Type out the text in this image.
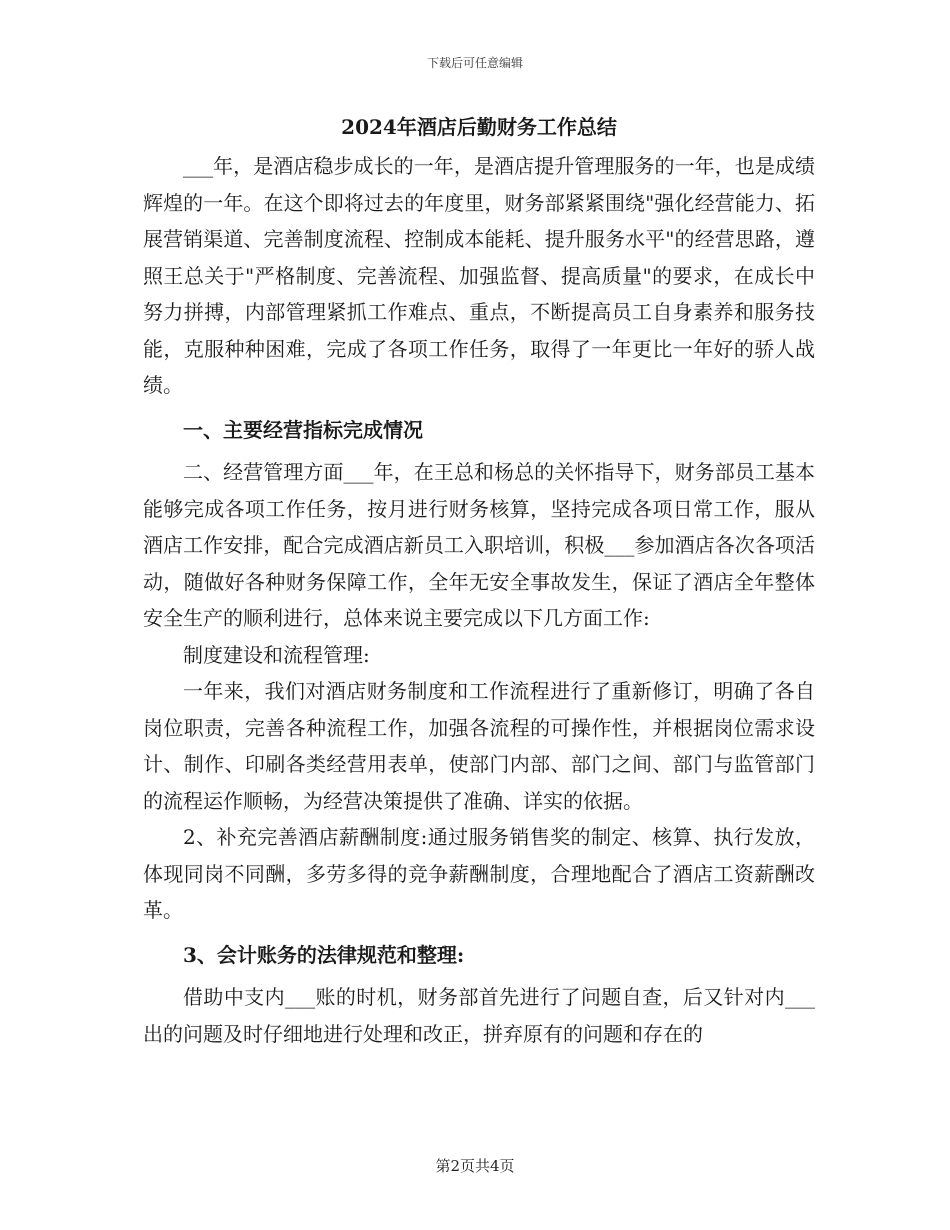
下载后可任意编辑
2024年酒店后勤财务工作总结

___年，是酒店稳步成长的一年，是酒店提升管理服务的一年，也是成绩辉煌的一年。在这个即将过去的年度里，财务部紧紧围绕"强化经营能力、拓展营销渠道、完善制度流程、控制成本能耗、提升服务水平"的经营思路，遵照王总关于"严格制度、完善流程、加强监督、提高质量"的要求，在成长中努力拼搏，内部管理紧抓工作难点、重点，不断提高员工自身素养和服务技能，克服种种困难，完成了各项工作任务，取得了一年更比一年好的骄人战绩。

一、主要经营指标完成情况

二、经营管理方面___年，在王总和杨总的关怀指导下，财务部员工基本能够完成各项工作任务，按月进行财务核算，坚持完成各项日常工作，服从酒店工作安排，配合完成酒店新员工入职培训，积极___参加酒店各次各项活动，随做好各种财务保障工作，全年无安全事故发生，保证了酒店全年整体安全生产的顺利进行，总体来说主要完成以下几方面工作:

制度建设和流程管理:

一年来，我们对酒店财务制度和工作流程进行了重新修订，明确了各自岗位职责，完善各种流程工作，加强各流程的可操作性，并根据岗位需求设计、制作、印刷各类经营用表单，使部门内部、部门之间、部门与监管部门的流程运作顺畅，为经营决策提供了准确、详实的依据。

2、补充完善酒店薪酬制度:通过服务销售奖的制定、核算、执行发放，体现同岗不同酬，多劳多得的竞争薪酬制度，合理地配合了酒店工资薪酬改革。

3、会计账务的法律规范和整理:

借助中支内___账的时机，财务部首先进行了问题自查，后又针对内___出的问题及时仔细地进行处理和改正，拼弃原有的问题和存在的

第2页共4页
